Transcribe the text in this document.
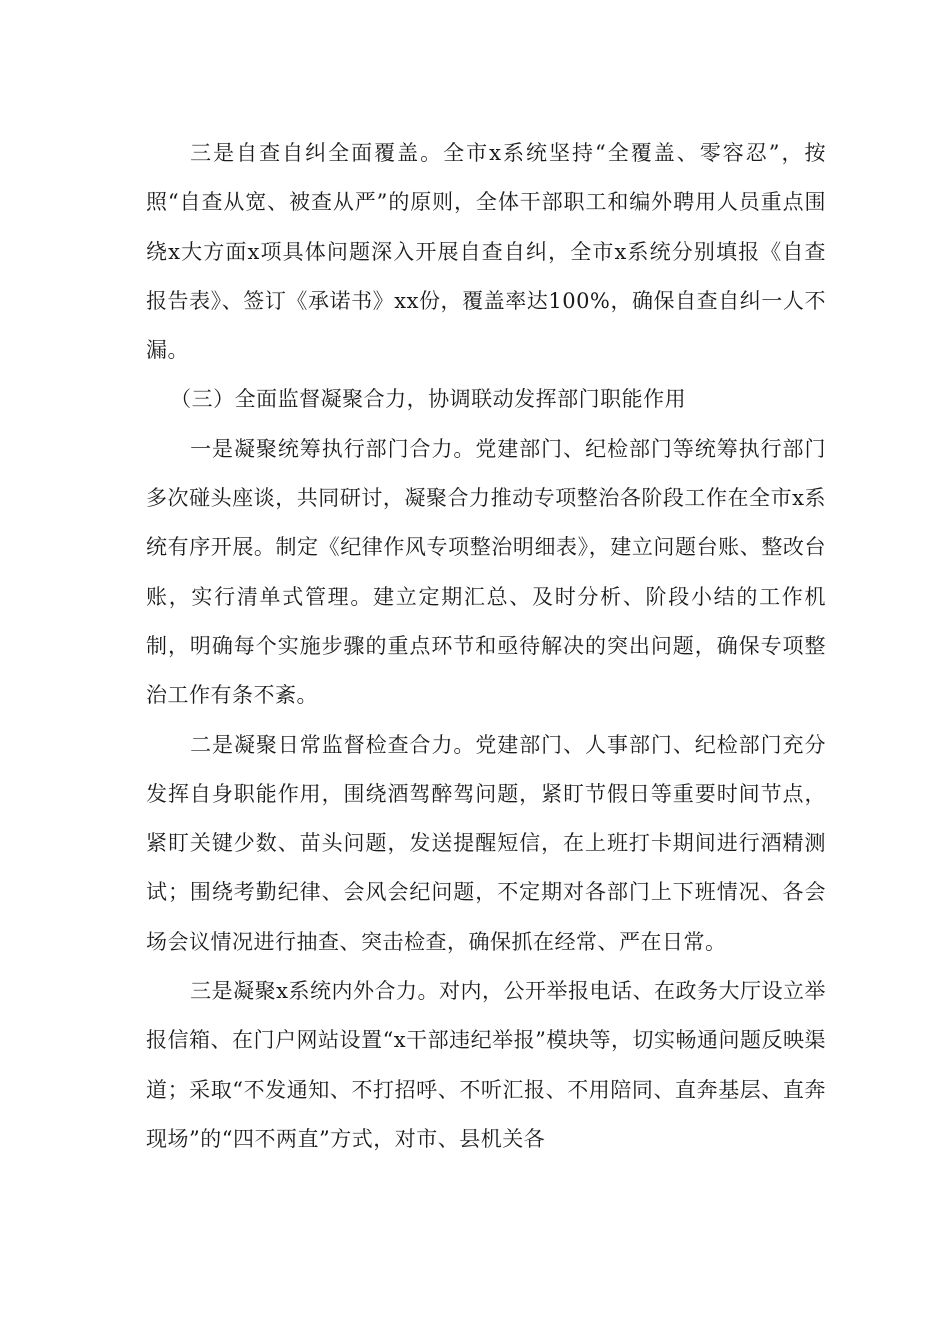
三是自查自纠全面覆盖。全市x系统坚持“全覆盖、零容忍”，按照“自查从宽、被查从严”的原则，全体干部职工和编外聘用人员重点围绕x大方面x项具体问题深入开展自查自纠，全市x系统分别填报《自查报告表》、签订《承诺书》xx份，覆盖率达100%，确保自查自纠一人不漏。

（三）全面监督凝聚合力，协调联动发挥部门职能作用

一是凝聚统筹执行部门合力。党建部门、纪检部门等统筹执行部门多次碰头座谈，共同研讨，凝聚合力推动专项整治各阶段工作在全市x系统有序开展。制定《纪律作风专项整治明细表》，建立问题台账、整改台账，实行清单式管理。建立定期汇总、及时分析、阶段小结的工作机制，明确每个实施步骤的重点环节和亟待解决的突出问题，确保专项整治工作有条不紊。

二是凝聚日常监督检查合力。党建部门、人事部门、纪检部门充分发挥自身职能作用，围绕酒驾醉驾问题，紧盯节假日等重要时间节点，紧盯关键少数、苗头问题，发送提醒短信，在上班打卡期间进行酒精测试；围绕考勤纪律、会风会纪问题，不定期对各部门上下班情况、各会场会议情况进行抽查、突击检查，确保抓在经常、严在日常。

三是凝聚x系统内外合力。对内，公开举报电话、在政务大厅设立举报信箱、在门户网站设置“x干部违纪举报”模块等，切实畅通问题反映渠道；采取“不发通知、不打招呼、不听汇报、不用陪同、直奔基层、直奔现场”的“四不两直”方式，对市、县机关各
